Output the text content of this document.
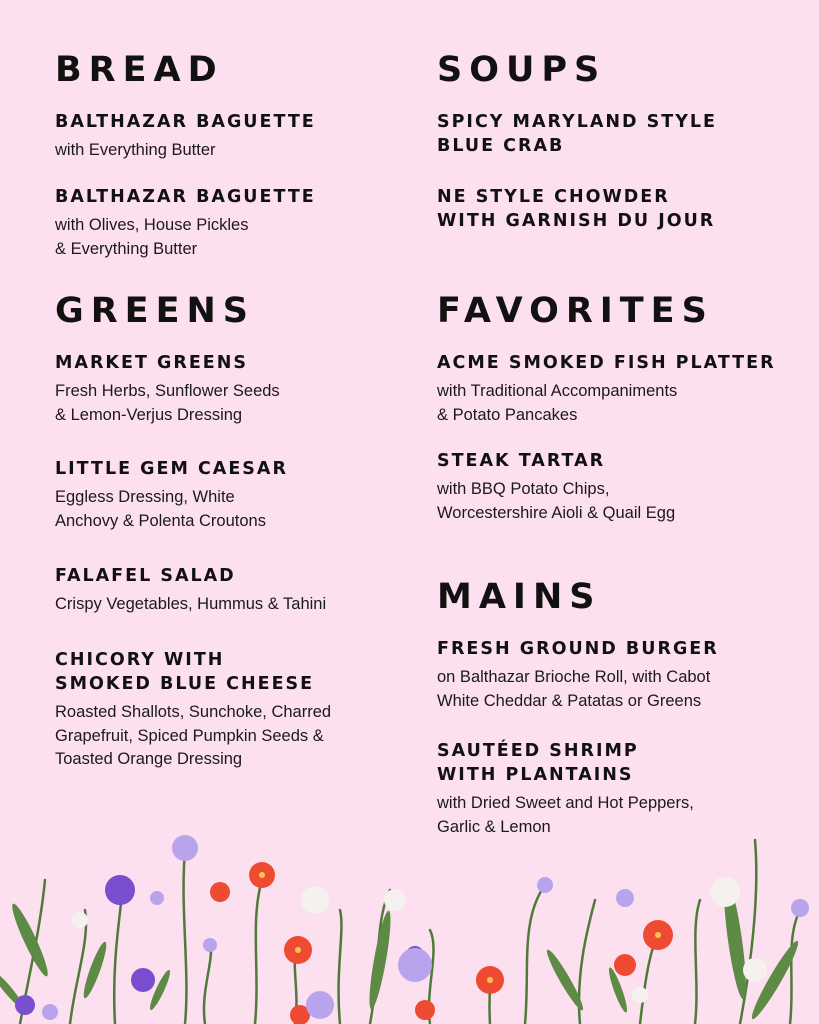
BREAD
BALTHAZAR BAGUETTE
with Everything Butter
BALTHAZAR BAGUETTE
with Olives, House Pickles
& Everything Butter
GREENS
MARKET GREENS
Fresh Herbs, Sunflower Seeds
& Lemon-Verjus Dressing
LITTLE GEM CAESAR
Eggless Dressing, White
Anchovy & Polenta Croutons
FALAFEL SALAD
Crispy Vegetables, Hummus & Tahini
CHICORY WITH
SMOKED BLUE CHEESE
Roasted Shallots, Sunchoke, Charred
Grapefruit, Spiced Pumpkin Seeds &
Toasted Orange Dressing
SOUPS
SPICY MARYLAND STYLE
BLUE CRAB
NE STYLE CHOWDER
WITH GARNISH DU JOUR
FAVORITES
ACME SMOKED FISH PLATTER
with Traditional Accompaniments
& Potato Pancakes
STEAK TARTAR
with BBQ Potato Chips,
Worcestershire Aioli & Quail Egg
MAINS
FRESH GROUND BURGER
on Balthazar Brioche Roll, with Cabot
White Cheddar & Patatas or Greens
SAUTÉED SHRIMP
WITH PLANTAINS
with Dried Sweet and Hot Peppers,
Garlic & Lemon
